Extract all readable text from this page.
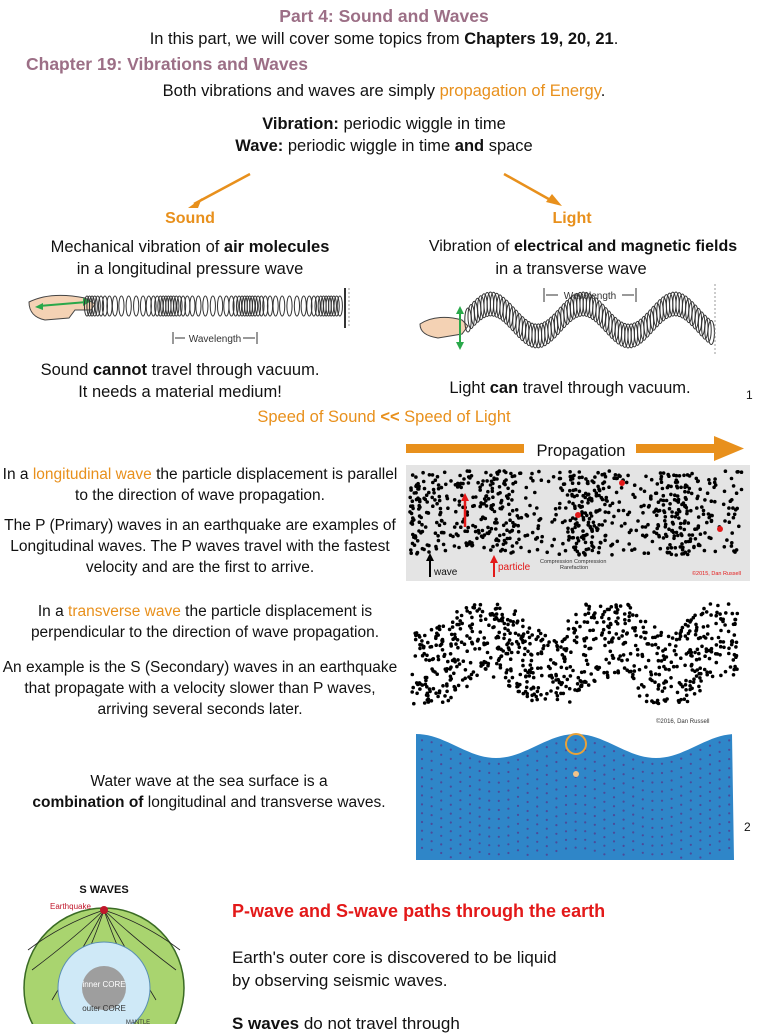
Part 4: Sound and Waves
In this part, we will cover some topics from Chapters 19, 20, 21.
Chapter 19: Vibrations and Waves
Both vibrations and waves are simply propagation of Energy.
Vibration: periodic wiggle in time
Wave: periodic wiggle in time and space
Sound
Mechanical vibration of air molecules
in a longitudinal pressure wave
Wavelength
Sound cannot travel through vacuum.
It needs a material medium!
Light
Vibration of electrical and magnetic fields
in a transverse wave
Wavelength
Light can travel through vacuum.	1
Speed of Sound << Speed of Light
Propagation
In a longitudinal wave the particle displacement is parallel to the direction of wave propagation.
The P (Primary) waves in an earthquake are examples of Longitudinal waves. The P waves travel with the fastest velocity and are the first to arrive.	wave	particle Compression Compression
Rarefaction
©2015, Dan Russell
In a transverse wave the particle displacement is perpendicular to the direction of wave propagation.
An example is the S (Secondary) waves in an earthquake that propagate with a velocity slower than P waves, arriving several seconds later.
©2016, Dan Russell
Water wave at the sea surface is a
combination of longitudinal and transverse waves.
2
S WAVES
Earthquake
inner CORE
outer CORE
MANTLE
P-wave and S-wave paths through the earth
Earth's outer core is discovered to be liquid
by observing seismic waves.
S waves do not travel through
